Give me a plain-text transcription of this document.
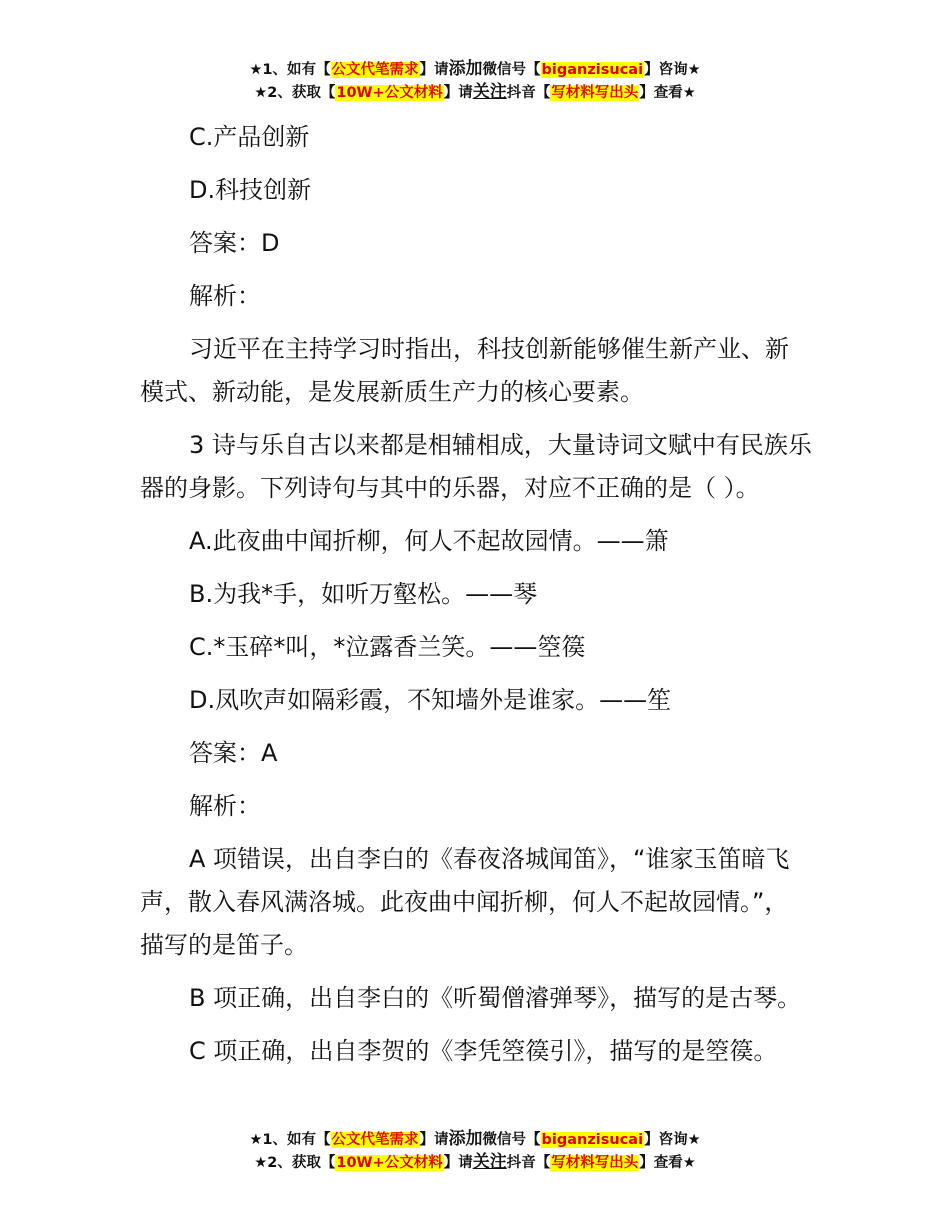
★1、如有【公文代笔需求】请添加微信号【biganzisucai】咨询★
★2、获取【10W+公文材料】请关注抖音【写材料写出头】查看★

C.产品创新

D.科技创新

答案：D

解析：

习近平在主持学习时指出，科技创新能够催生新产业、新模式、新动能，是发展新质生产力的核心要素。

3 诗与乐自古以来都是相辅相成，大量诗词文赋中有民族乐器的身影。下列诗句与其中的乐器，对应不正确的是（ ）。

A.此夜曲中闻折柳，何人不起故园情。——箫

B.为我*手，如听万壑松。——琴

C.*玉碎*叫，*泣露香兰笑。——箜篌

D.凤吹声如隔彩霞，不知墙外是谁家。——笙

答案：A

解析：

A 项错误，出自李白的《春夜洛城闻笛》，“谁家玉笛暗飞声，散入春风满洛城。此夜曲中闻折柳，何人不起故园情。”，描写的是笛子。

B 项正确，出自李白的《听蜀僧濬弹琴》，描写的是古琴。

C 项正确，出自李贺的《李凭箜篌引》，描写的是箜篌。

★1、如有【公文代笔需求】请添加微信号【biganzisucai】咨询★
★2、获取【10W+公文材料】请关注抖音【写材料写出头】查看★
